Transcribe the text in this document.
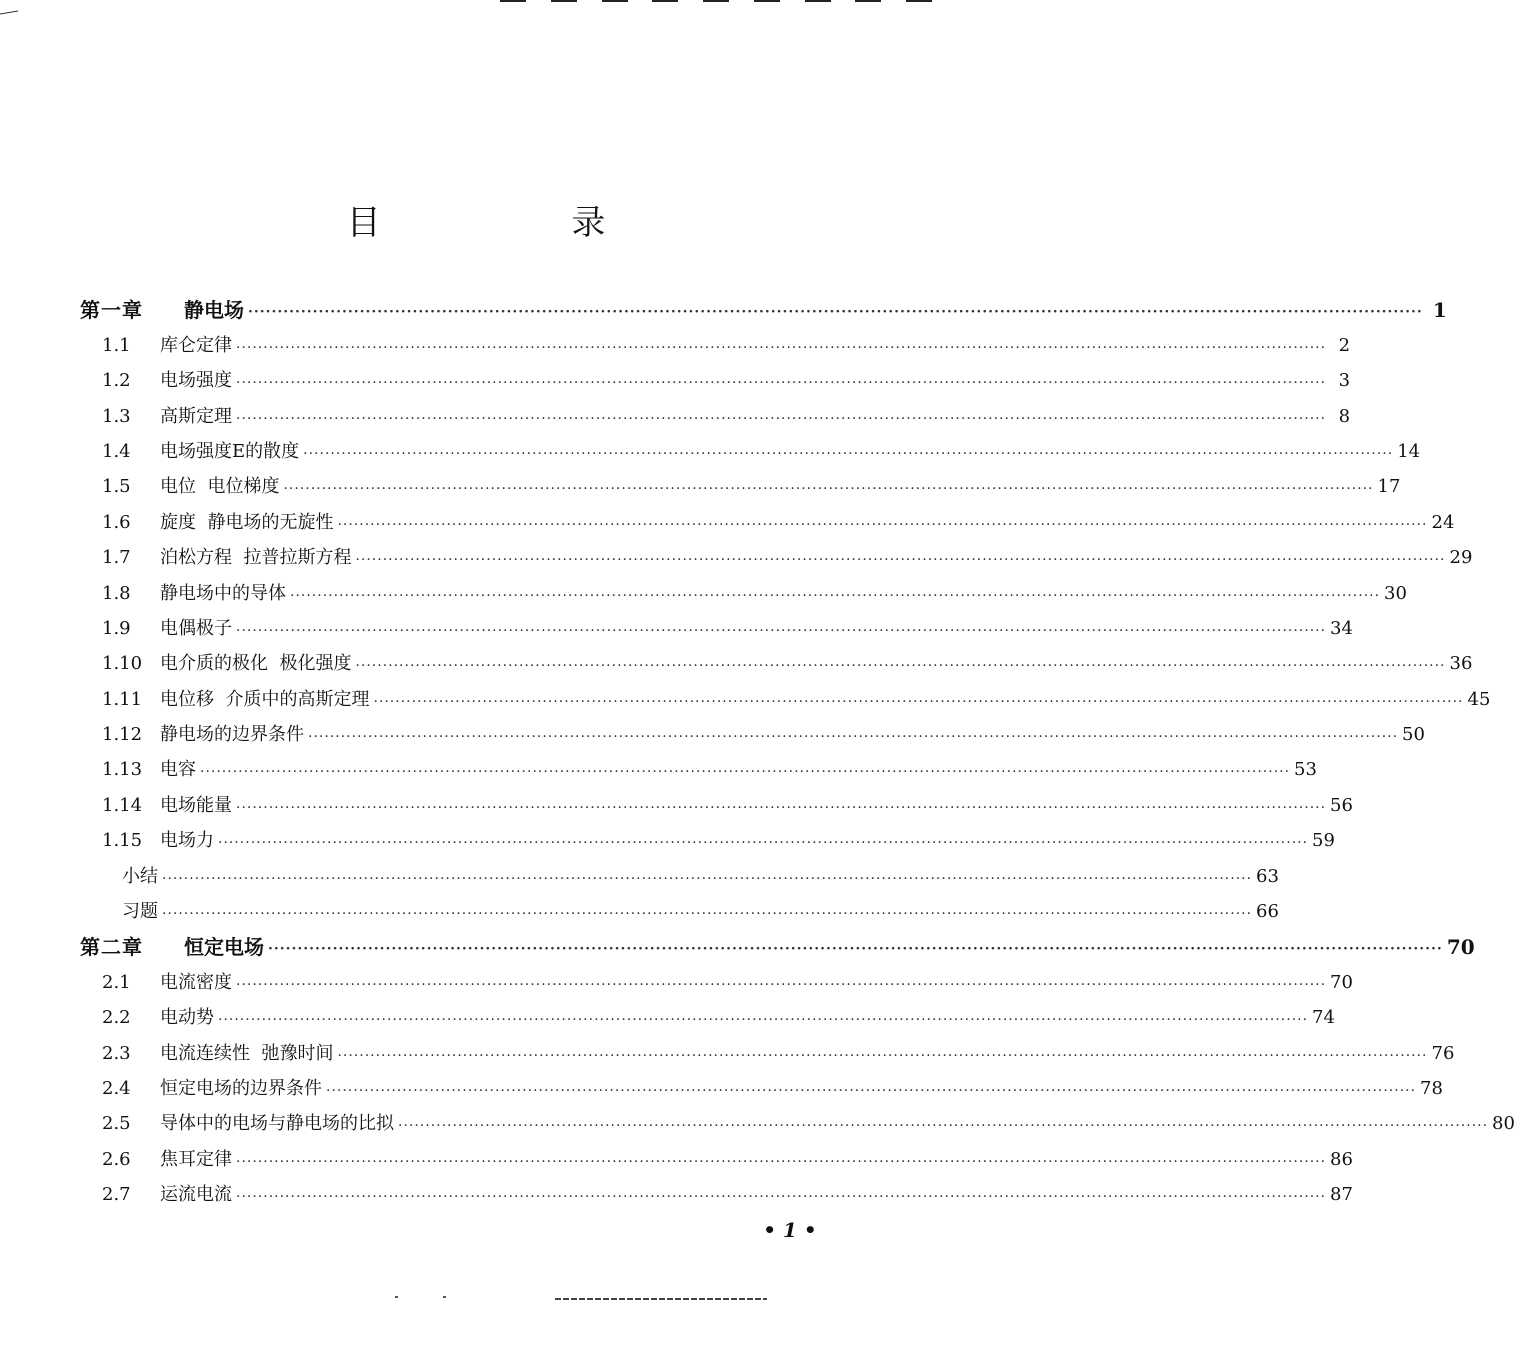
目 录
第一章	静电场 ········································································································································································································ 1
1.1	库仑定律 ········································································································································································································ 2
1.2	电场强度 ········································································································································································································ 3
1.3	高斯定理 ········································································································································································································ 8
1.4	电场强度E的散度 ········································································································································································································ 14
1.5	电位  电位梯度 ········································································································································································································ 17
1.6	旋度  静电场的无旋性 ········································································································································································································ 24
1.7	泊松方程  拉普拉斯方程 ········································································································································································································ 29
1.8	静电场中的导体 ········································································································································································································ 30
1.9	电偶极子 ········································································································································································································ 34
1.10 电介质的极化  极化强度 ········································································································································································································ 36
1.11 电位移  介质中的高斯定理 ········································································································································································································ 45
1.12 静电场的边界条件 ········································································································································································································ 50
1.13 电容 ········································································································································································································ 53
1.14 电场能量 ········································································································································································································ 56
1.15 电场力 ········································································································································································································ 59
小结 ········································································································································································································ 63
习题 ········································································································································································································ 66
第二章	恒定电场 ········································································································································································································ 70
2.1	电流密度 ········································································································································································································ 70
2.2	电动势 ········································································································································································································ 74
2.3	电流连续性  弛豫时间 ········································································································································································································ 76
2.4	恒定电场的边界条件 ········································································································································································································ 78
2.5	导体中的电场与静电场的比拟 ········································································································································································································ 80
2.6	焦耳定律 ········································································································································································································ 86
2.7	运流电流 ········································································································································································································ 87
• 1 •
